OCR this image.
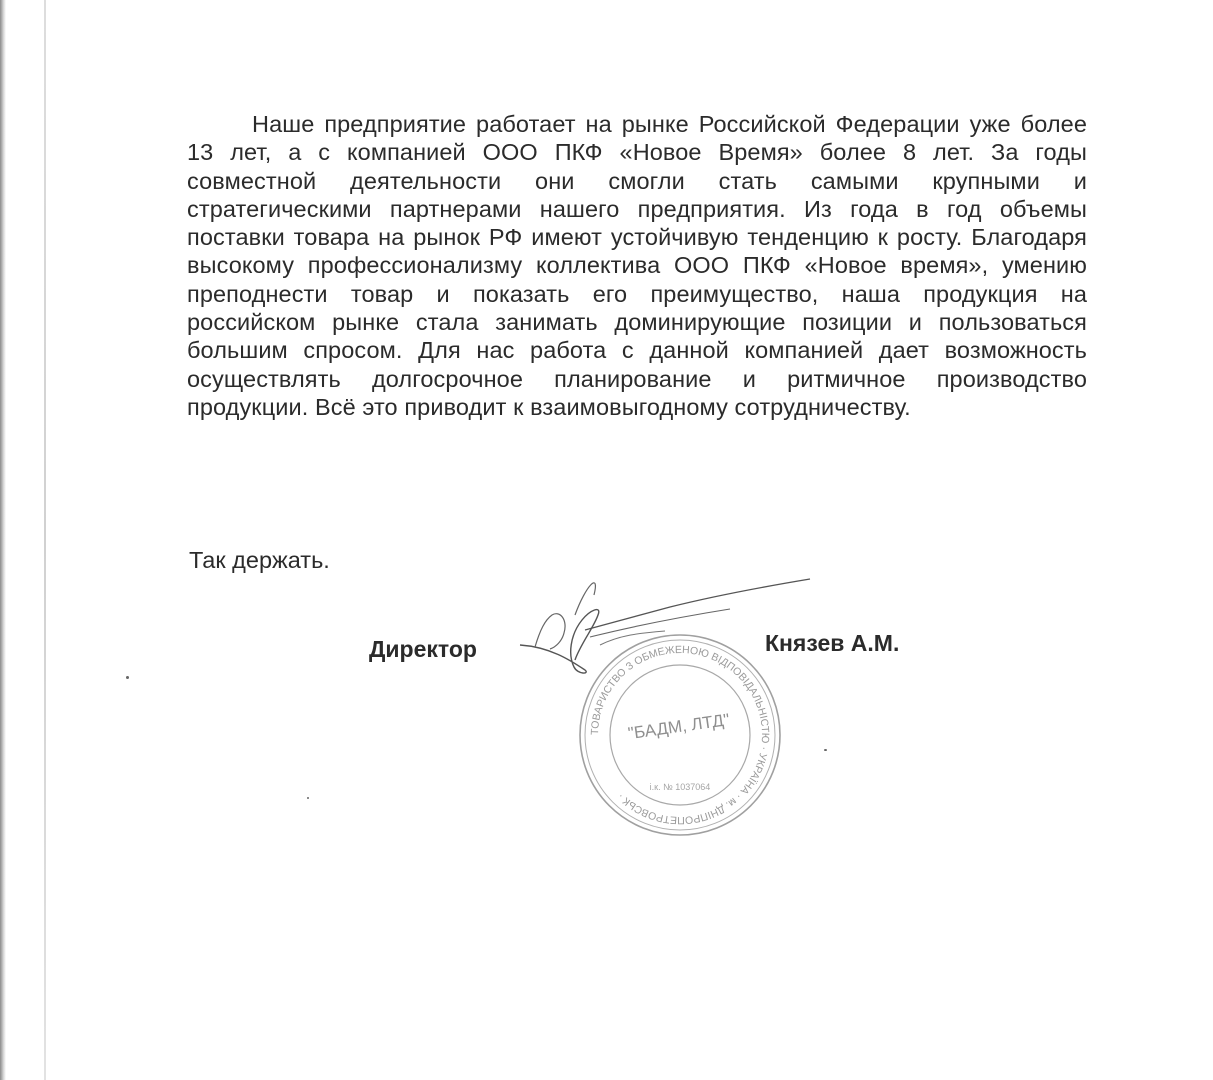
Наше предприятие работает на рынке Российской Федерации уже более 13 лет, а с компанией ООО ПКФ «Новое Время» более 8 лет. За годы совместной деятельности они смогли стать самыми крупными и стратегическими партнерами нашего предприятия. Из года в год объемы поставки товара на рынок РФ имеют устойчивую тенденцию к росту. Благодаря высокому профессионализму коллектива ООО ПКФ «Новое время», умению преподнести товар и показать его преимущество, наша продукция на российском рынке стала занимать доминирующие позиции и пользоваться большим спросом. Для нас работа с данной компанией дает возможность осуществлять долгосрочное планирование и ритмичное производство продукции. Всё это приводит к взаимовыгодному сотрудничеству.

Так держать.

Директор

ТОВАРИСТВО З ОБМЕЖЕНОЮ ВІДПОВІДАЛЬНІСТЮ · УКРАЇНА · м. ДНІПРОПЕТРОВСЬК ·
"БАДМ, ЛТД"
і.к. № 1037064

Князев А.М.
